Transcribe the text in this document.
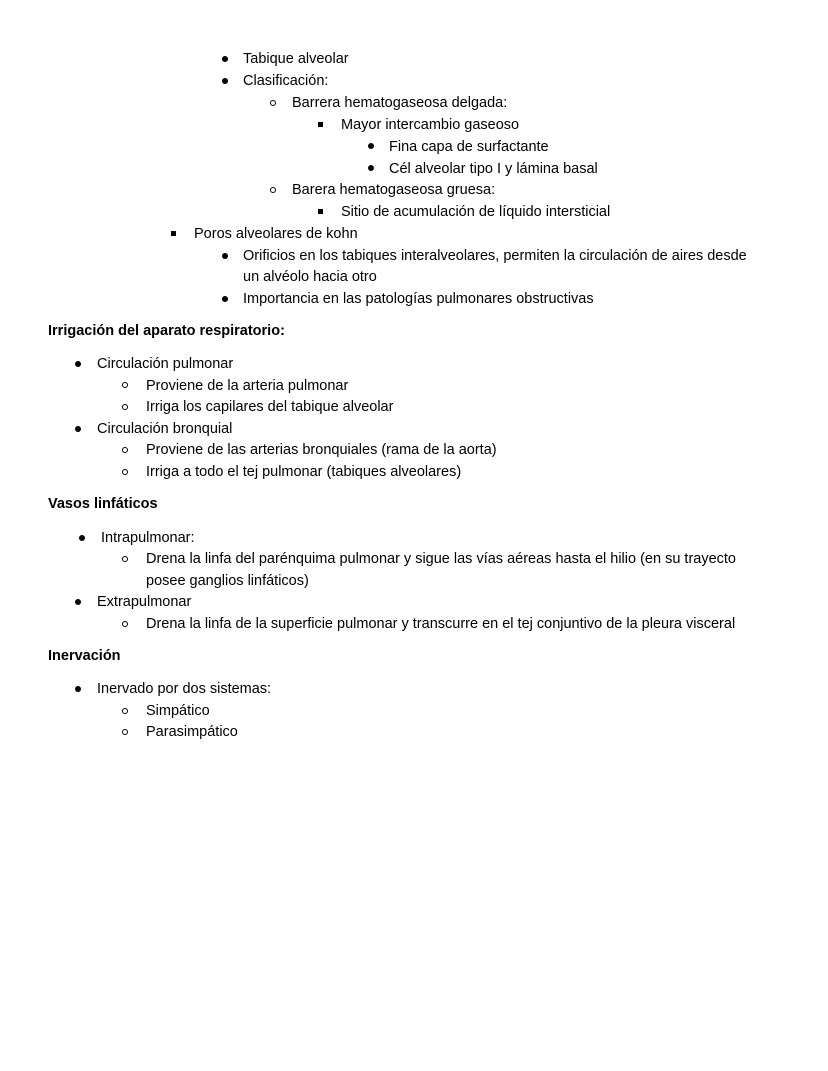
Tabique alveolar
Clasificación:
Barrera hematogaseosa delgada:
Mayor intercambio gaseoso
Fina capa de surfactante
Cél alveolar tipo I y lámina basal
Barera hematogaseosa gruesa:
Sitio de acumulación de líquido intersticial
Poros alveolares de kohn
Orificios en los tabiques interalveolares, permiten la circulación de aires desde
un alvéolo hacia otro
Importancia en las patologías pulmonares obstructivas
Irrigación del aparato respiratorio:
Circulación pulmonar
Proviene de la arteria pulmonar
Irriga los capilares del tabique alveolar
Circulación bronquial
Proviene de las arterias bronquiales (rama de la aorta)
Irriga a todo el tej pulmonar (tabiques alveolares)
Vasos linfáticos
Intrapulmonar:
Drena la linfa del parénquima pulmonar y sigue las vías aéreas hasta el hilio (en su trayecto
posee ganglios linfáticos)
Extrapulmonar
Drena la linfa de la superficie pulmonar y transcurre en el tej conjuntivo de la pleura visceral
Inervación
Inervado por dos sistemas:
Simpático
Parasimpático
